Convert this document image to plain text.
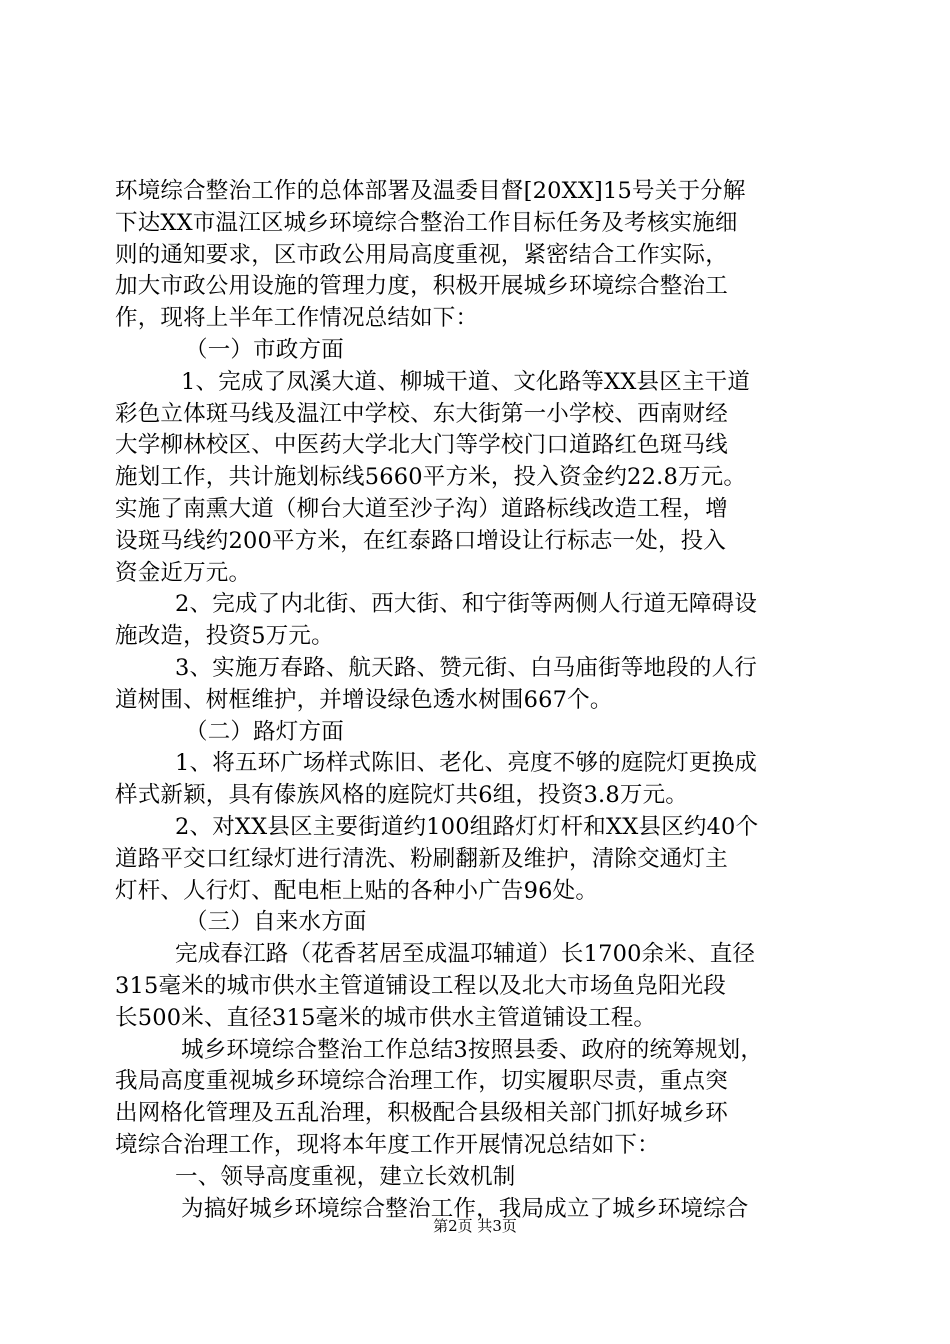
环境综合整治工作的总体部署及温委目督[20XX]15号关于分解
下达XX市温江区城乡环境综合整治工作目标任务及考核实施细
则的通知要求，区市政公用局高度重视，紧密结合工作实际，
加大市政公用设施的管理力度，积极开展城乡环境综合整治工
作，现将上半年工作情况总结如下：
（一）市政方面
1、完成了凤溪大道、柳城干道、文化路等XX县区主干道
彩色立体斑马线及温江中学校、东大街第一小学校、西南财经
大学柳林校区、中医药大学北大门等学校门口道路红色斑马线
施划工作，共计施划标线5660平方米，投入资金约22.8万元。
实施了南熏大道（柳台大道至沙子沟）道路标线改造工程，增
设斑马线约200平方米，在红泰路口增设让行标志一处，投入
资金近万元。
2、完成了内北街、西大街、和宁街等两侧人行道无障碍设
施改造，投资5万元。
3、实施万春路、航天路、赞元街、白马庙街等地段的人行
道树围、树框维护，并增设绿色透水树围667个。
（二）路灯方面
1、将五环广场样式陈旧、老化、亮度不够的庭院灯更换成
样式新颖，具有傣族风格的庭院灯共6组，投资3.8万元。
2、对XX县区主要街道约100组路灯灯杆和XX县区约40个
道路平交口红绿灯进行清洗、粉刷翻新及维护，清除交通灯主
灯杆、人行灯、配电柜上贴的各种小广告96处。
（三）自来水方面
完成春江路（花香茗居至成温邛辅道）长1700余米、直径
315毫米的城市供水主管道铺设工程以及北大市场鱼凫阳光段
长500米、直径315毫米的城市供水主管道铺设工程。
城乡环境综合整治工作总结3按照县委、政府的统筹规划，
我局高度重视城乡环境综合治理工作，切实履职尽责，重点突
出网格化管理及五乱治理，积极配合县级相关部门抓好城乡环
境综合治理工作，现将本年度工作开展情况总结如下：
一、领导高度重视，建立长效机制
为搞好城乡环境综合整治工作，我局成立了城乡环境综合
第2页 共3页
